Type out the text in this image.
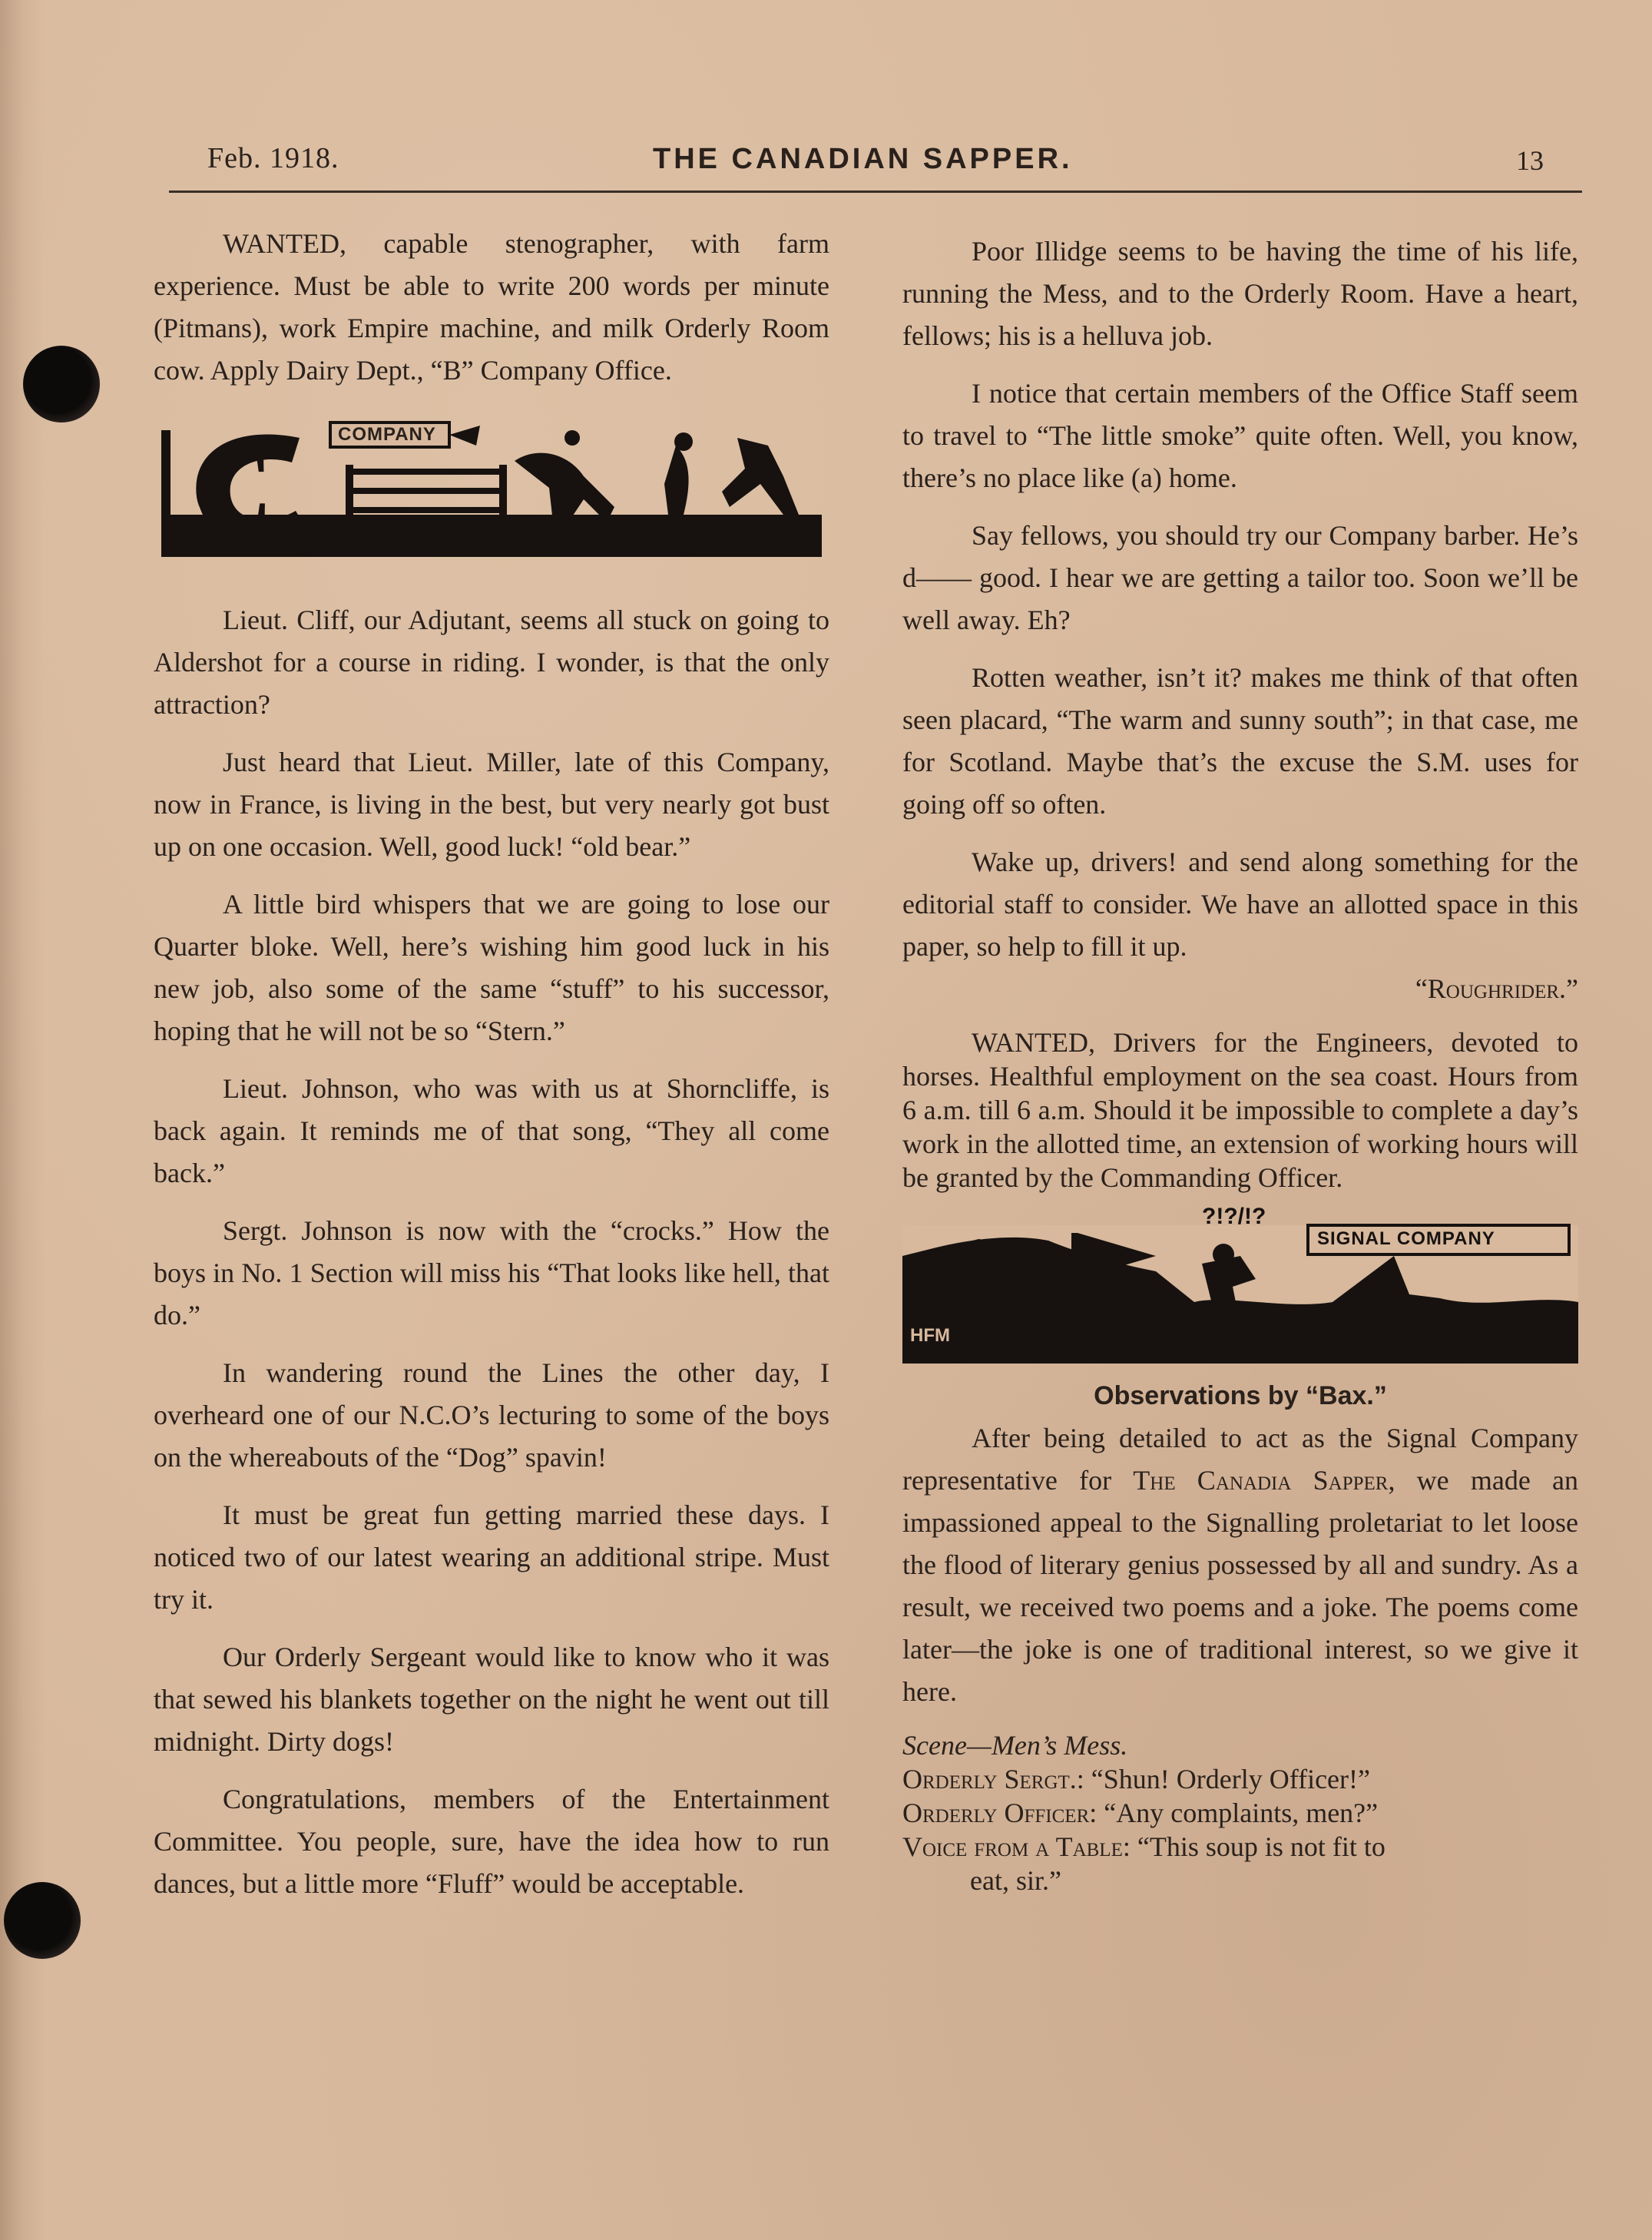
Feb. 1918.	THE CANADIAN SAPPER.	13

WANTED, capable stenographer, with farm experience. Must be able to write 200 words per minute (Pitmans), work Empire machine, and milk Orderly Room cow. Apply Dairy Dept., “B” Company Office.

C	COMPANY

Lieut. Cliff, our Adjutant, seems all stuck on going to Aldershot for a course in riding. I wonder, is that the only attraction?

Just heard that Lieut. Miller, late of this Company, now in France, is living in the best, but very nearly got bust up on one occasion. Well, good luck! “old bear.”

A little bird whispers that we are going to lose our Quarter bloke. Well, here’s wishing him good luck in his new job, also some of the same “stuff” to his successor, hoping that he will not be so “Stern.”

Lieut. Johnson, who was with us at Shorncliffe, is back again. It reminds me of that song, “They all come back.”

Sergt. Johnson is now with the “crocks.” How the boys in No. 1 Section will miss his “That looks like hell, that do.”

In wandering round the Lines the other day, I overheard one of our N.C.O’s lecturing to some of the boys on the whereabouts of the “Dog” spavin!

It must be great fun getting married these days. I noticed two of our latest wearing an additional stripe. Must try it.

Our Orderly Sergeant would like to know who it was that sewed his blankets together on the night he went out till midnight. Dirty dogs!

Congratulations, members of the Entertainment Committee. You people, sure, have the idea how to run dances, but a little more “Fluff” would be acceptable.

Poor Illidge seems to be having the time of his life, running the Mess, and to the Orderly Room. Have a heart, fellows; his is a helluva job.

I notice that certain members of the Office Staff seem to travel to “The little smoke” quite often. Well, you know, there’s no place like (a) home.

Say fellows, you should try our Company barber. He’s d—— good. I hear we are getting a tailor too. Soon we’ll be well away. Eh?

Rotten weather, isn’t it? makes me think of that often seen placard, “The warm and sunny south”; in that case, me for Scotland. Maybe that’s the excuse the S.M. uses for going off so often.

Wake up, drivers! and send along something for the editorial staff to consider. We have an allotted space in this paper, so help to fill it up.

“Roughrider.”

WANTED, Drivers for the Engineers, devoted to horses. Healthful employment on the sea coast. Hours from 6 a.m. till 6 a.m. Should it be impossible to complete a day’s work in the allotted time, an extension of working hours will be granted by the Commanding Officer.

?!?/!?
SIGNAL COMPANY
HFM
Observations by “Bax.”

After being detailed to act as the Signal Company representative for The Canadia Sapper, we made an impassioned appeal to the Signalling proletariat to let loose the flood of literary genius possessed by all and sundry. As a result, we received two poems and a joke. The poems come later—the joke is one of traditional interest, so we give it here.

Scene—Men’s Mess.

Orderly Sergt.: “Shun! Orderly Officer!”

Orderly Officer: “Any complaints, men?”

Voice from a Table: “This soup is not fit to

eat, sir.”
